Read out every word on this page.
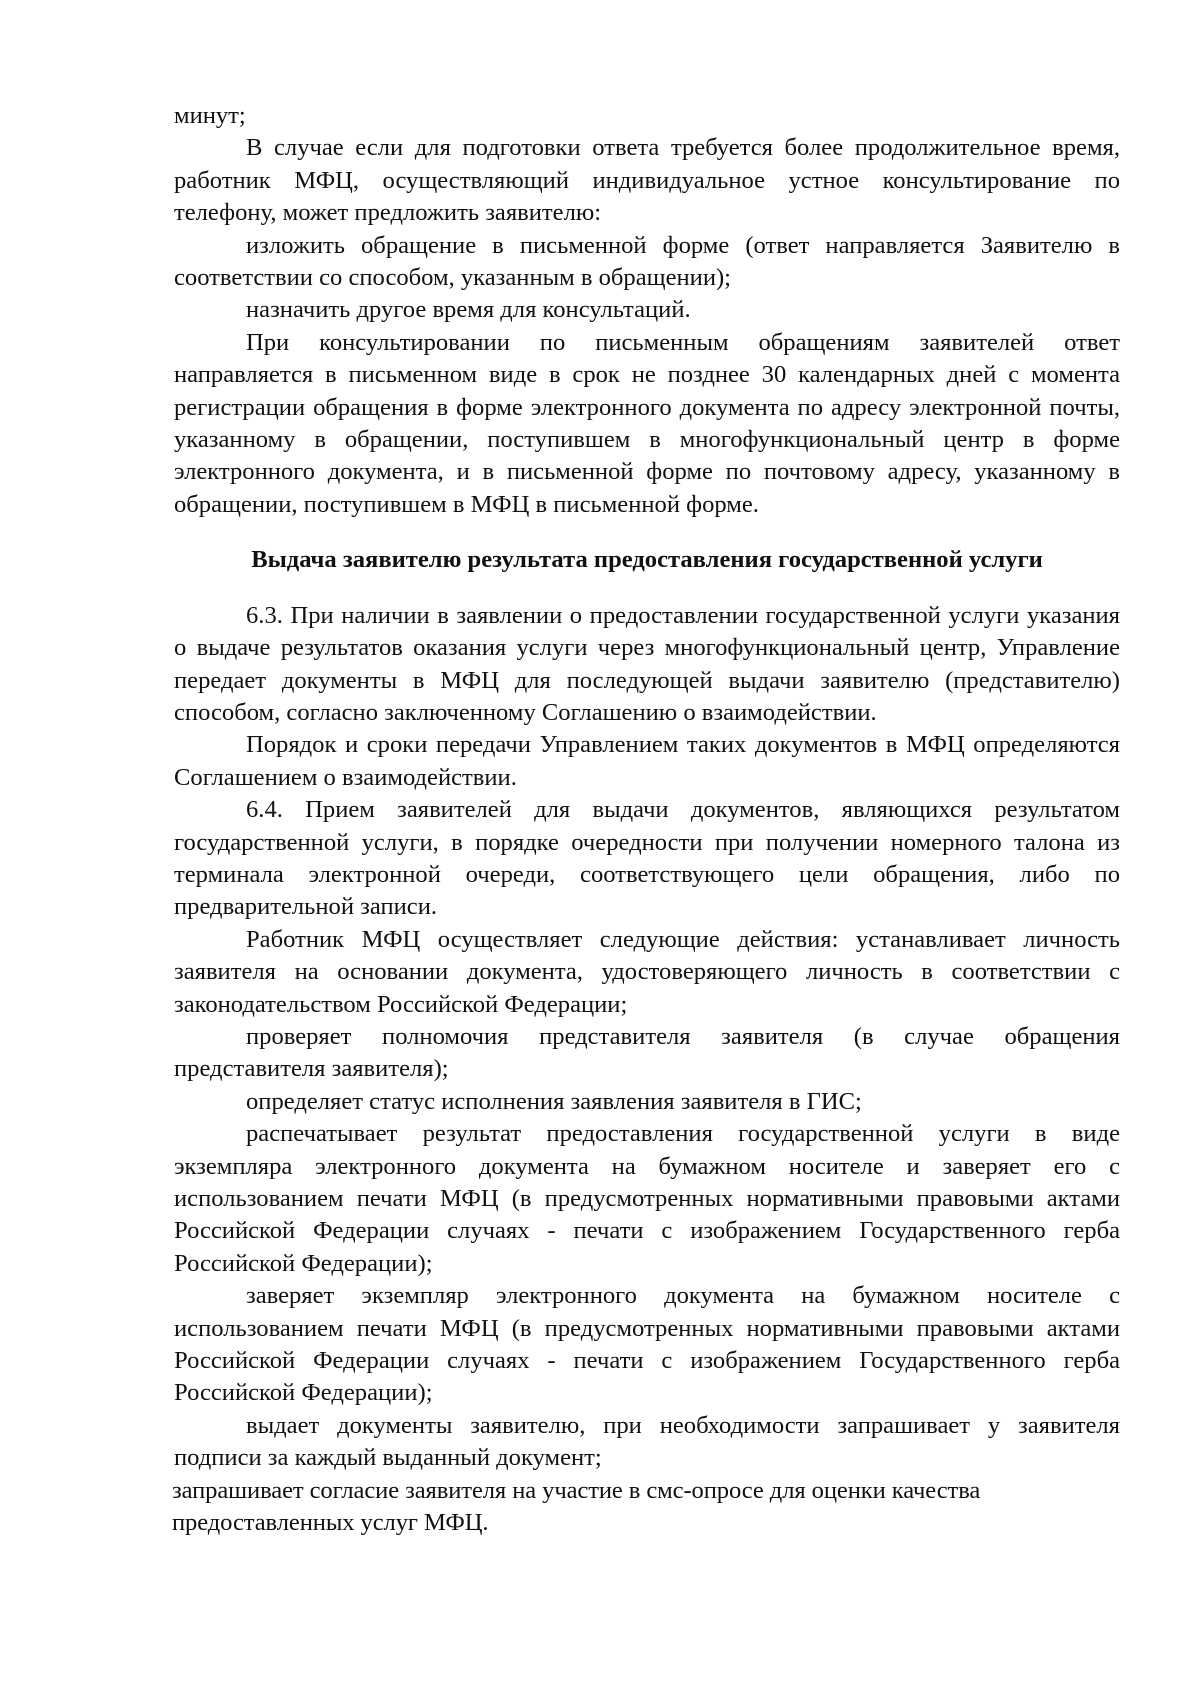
минут;

В случае если для подготовки ответа требуется более продолжительное время, работник МФЦ, осуществляющий индивидуальное устное консультирование по телефону, может предложить заявителю:

изложить обращение в письменной форме (ответ направляется Заявителю в соответствии со способом, указанным в обращении);

назначить другое время для консультаций.

При консультировании по письменным обращениям заявителей ответ направляется в письменном виде в срок не позднее 30 календарных дней с момента регистрации обращения в форме электронного документа по адресу электронной почты, указанному в обращении, поступившем в многофункциональный центр в форме электронного документа, и в письменной форме по почтовому адресу, указанному в обращении, поступившем в МФЦ в письменной форме.

Выдача заявителю результата предоставления государственной услуги

6.3. При наличии в заявлении о предоставлении государственной услуги указания о выдаче результатов оказания услуги через многофункциональный центр, Управление передает документы в МФЦ для последующей выдачи заявителю (представителю) способом, согласно заключенному Соглашению о взаимодействии.

Порядок и сроки передачи Управлением таких документов в МФЦ определяются Соглашением о взаимодействии.

6.4. Прием заявителей для выдачи документов, являющихся результатом государственной услуги, в порядке очередности при получении номерного талона из терминала электронной очереди, соответствующего цели обращения, либо по предварительной записи.

Работник МФЦ осуществляет следующие действия: устанавливает личность заявителя на основании документа, удостоверяющего личность в соответствии с законодательством Российской Федерации;

проверяет полномочия представителя заявителя (в случае обращения представителя заявителя);

определяет статус исполнения заявления заявителя в ГИС;

распечатывает результат предоставления государственной услуги в виде экземпляра электронного документа на бумажном носителе и заверяет его с использованием печати МФЦ (в предусмотренных нормативными правовыми актами Российской Федерации случаях - печати с изображением Государственного герба Российской Федерации);

заверяет экземпляр электронного документа на бумажном носителе с использованием печати МФЦ (в предусмотренных нормативными правовыми актами Российской Федерации случаях - печати с изображением Государственного герба Российской Федерации);

выдает документы заявителю, при необходимости запрашивает у заявителя подписи за каждый выданный документ;

запрашивает согласие заявителя на участие в смс-опросе для оценки качества предоставленных услуг МФЦ.
